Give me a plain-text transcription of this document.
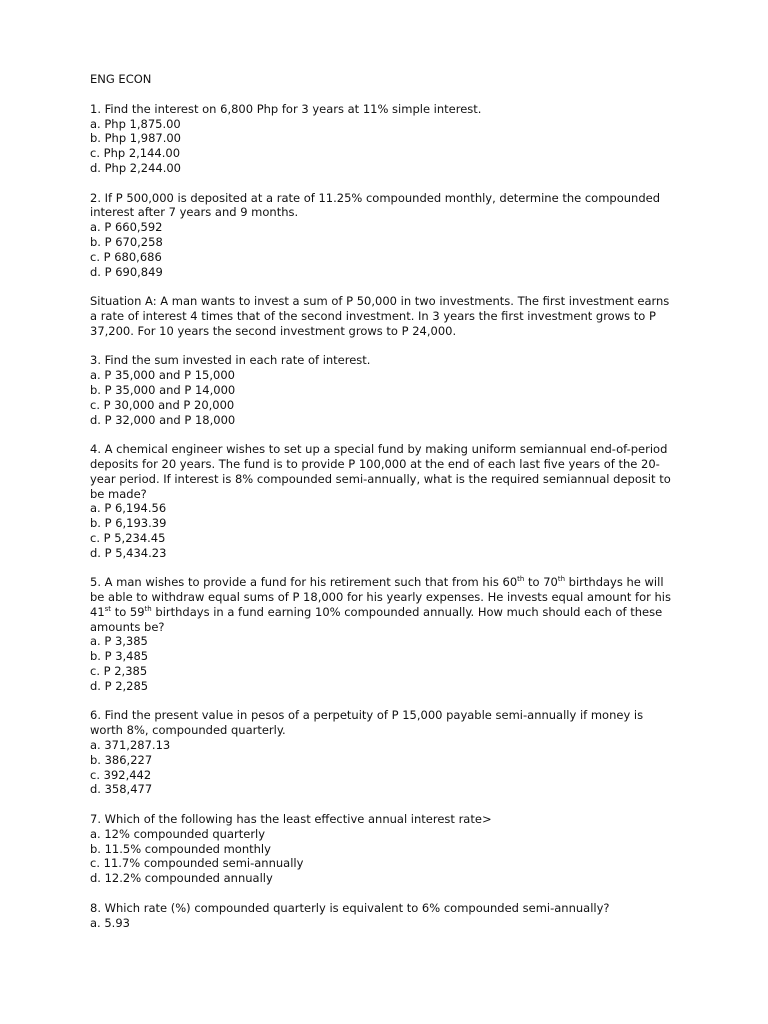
ENG ECON

1. Find the interest on 6,800 Php for 3 years at 11% simple interest.

a. Php 1,875.00

b. Php 1,987.00

c. Php 2,144.00

d. Php 2,244.00

2. If P 500,000 is deposited at a rate of 11.25% compounded monthly, determine the compounded interest after 7 years and 9 months.

a. P 660,592

b. P 670,258

c. P 680,686

d. P 690,849

Situation A: A man wants to invest a sum of P 50,000 in two investments. The first investment earns a rate of interest 4 times that of the second investment. In 3 years the first investment grows to P 37,200. For 10 years the second investment grows to P 24,000.

3. Find the sum invested in each rate of interest.

a. P 35,000 and P 15,000

b. P 35,000 and P 14,000

c. P 30,000 and P 20,000

d. P 32,000 and P 18,000

4. A chemical engineer wishes to set up a special fund by making uniform semiannual end-of-period deposits for 20 years. The fund is to provide P 100,000 at the end of each last five years of the 20-year period. If interest is 8% compounded semi-annually, what is the required semiannual deposit to be made?

a. P 6,194.56

b. P 6,193.39

c. P 5,234.45

d. P 5,434.23

5. A man wishes to provide a fund for his retirement such that from his 60th to 70th birthdays he will be able to withdraw equal sums of P 18,000 for his yearly expenses. He invests equal amount for his 41st to 59th birthdays in a fund earning 10% compounded annually. How much should each of these amounts be?

a. P 3,385

b. P 3,485

c. P 2,385

d. P 2,285

6. Find the present value in pesos of a perpetuity of P 15,000 payable semi-annually if money is worth 8%, compounded quarterly.

a. 371,287.13

b. 386,227

c. 392,442

d. 358,477

7. Which of the following has the least effective annual interest rate>

a. 12% compounded quarterly

b. 11.5% compounded monthly

c. 11.7% compounded semi-annually

d. 12.2% compounded annually

8. Which rate (%) compounded quarterly is equivalent to 6% compounded semi-annually?

a. 5.93
